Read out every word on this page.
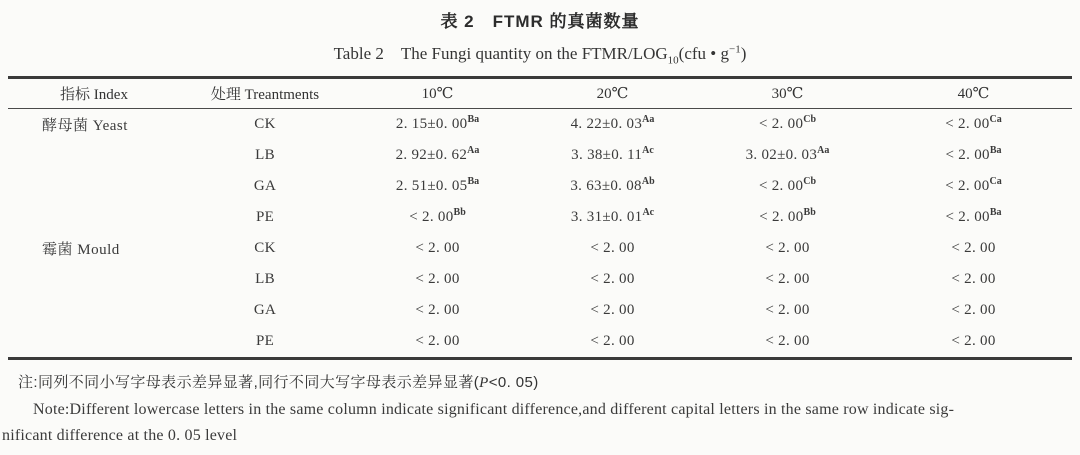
表 2　FTMR 的真菌数量
Table 2　The Fungi quantity on the FTMR/$LOG_{10}(cfu$ • $g^{-1}$)
指标 Index	处理 Treantments	10℃	20℃	30℃	40℃
酵母菌 Yeast	CK	2. 15±0. $00^{Ba}$	4. 22±0. $03^{Aa}$	< 2. $00^{Cb}$	< 2. $00^{Ca}$
	LB	2. 92±0. $62^{Aa}$	3. 38±0. $11^{Ac}$	3. 02±0. $03^{Aa}$	< 2. $00^{Ba}$
	GA	2. 51±0. $05^{Ba}$	3. 63±0. $08^{Ab}$	< 2. $00^{Cb}$	< 2. $00^{Ca}$
	PE	< 2. $00^{Bb}$	3. 31±0. $01^{Ac}$	< 2. $00^{Bb}$	< 2. $00^{Ba}$
霉菌 Mould	CK	< 2. 00	< 2. 00	< 2. 00	< 2. 00
	LB	< 2. 00	< 2. 00	< 2. 00	< 2. 00
	GA	< 2. 00	< 2. 00	< 2. 00	< 2. 00
	PE	< 2. 00	< 2. 00	< 2. 00	< 2. 00
注:同列不同小写字母表示差异显著,同行不同大写字母表示差异显著(P<0. 05)
Note:Different lowercase letters in the same column indicate significant difference,and different capital letters in the same row indicate sig-
nificant difference at the 0. 05 level
